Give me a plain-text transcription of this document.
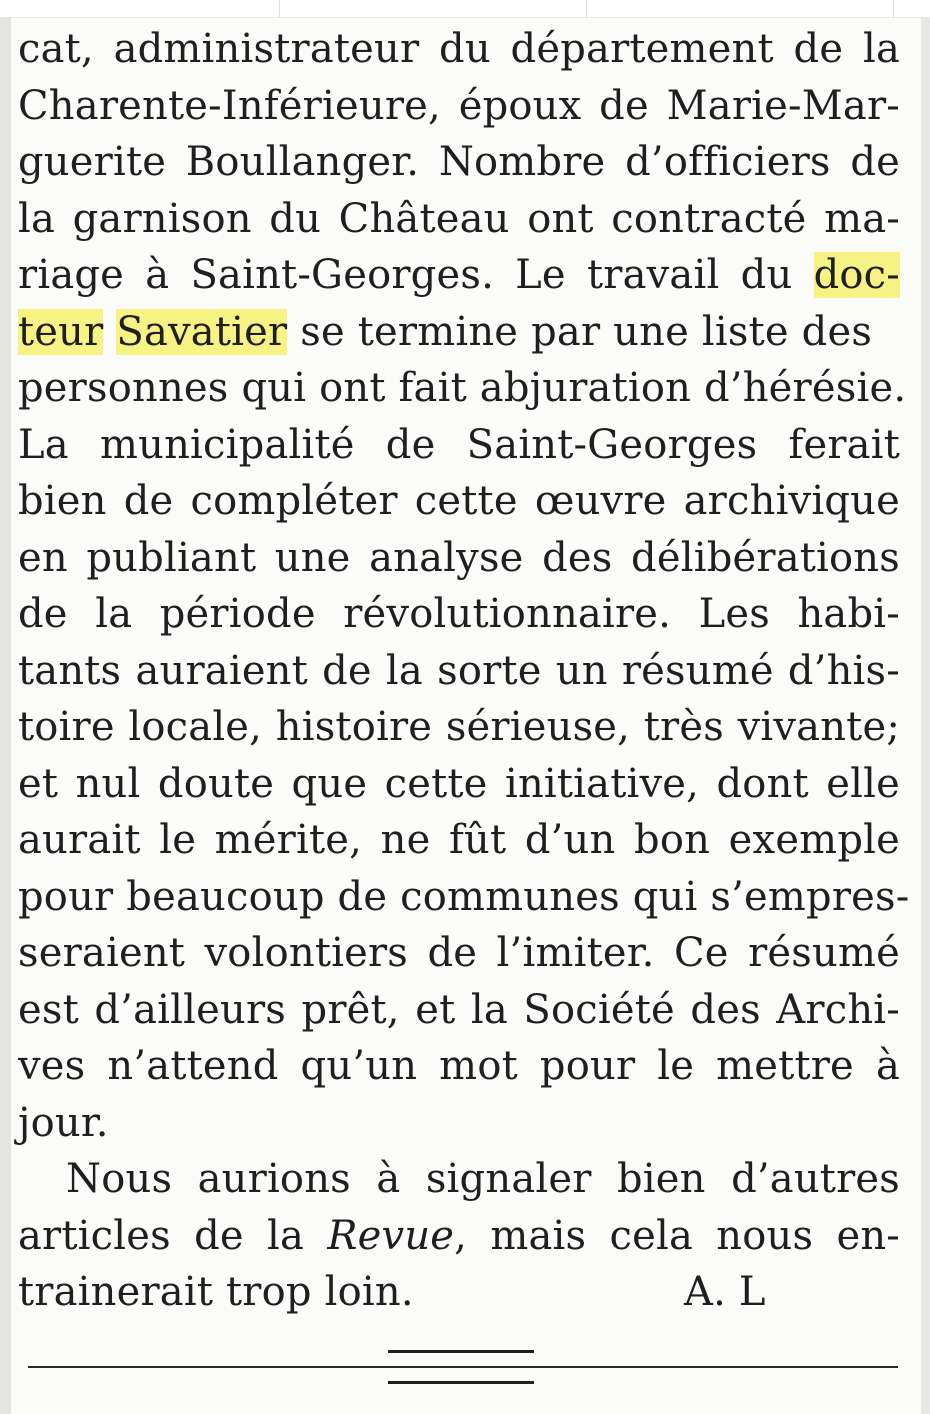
cat, administrateur du département de la
Charente-Inférieure, époux de Marie-Mar-
guerite Boullanger. Nombre d’officiers de
la garnison du Château ont contracté ma-
riage à Saint-Georges. Le travail du doc-
teur Savatier se termine par une liste des
personnes qui ont fait abjuration d’hérésie.
La municipalité de Saint-Georges ferait
bien de compléter cette œuvre archivique
en publiant une analyse des délibérations
de la période révolutionnaire. Les habi-
tants auraient de la sorte un résumé d’his-
toire locale, histoire sérieuse, très vivante;
et nul doute que cette initiative, dont elle
aurait le mérite, ne fût d’un bon exemple
pour beaucoup de communes qui s’empres-
seraient volontiers de l’imiter. Ce résumé
est d’ailleurs prêt, et la Société des Archi-
ves n’attend qu’un mot pour le mettre à
jour.
Nous aurions à signaler bien d’autres
articles de la Revue, mais cela nous en-
trainerait trop loin.	A. L
